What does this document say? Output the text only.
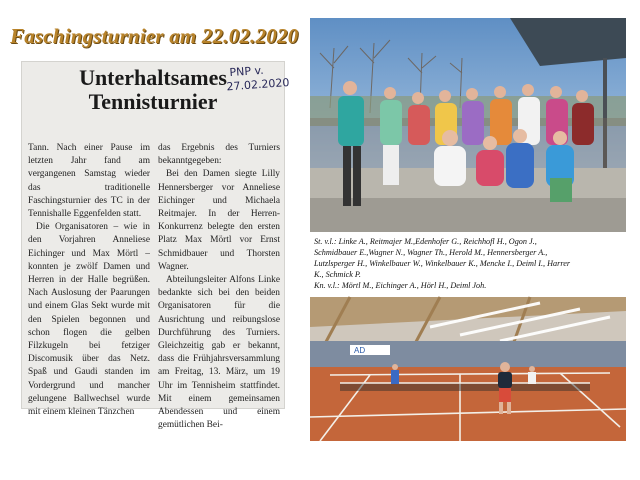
Faschingsturnier am 22.02.2020
PNP v.
27.02.2020
Unterhaltsames
Tennisturnier

Tann. Nach einer Pause im letzten Jahr fand am vergangenen Samstag wieder das traditionelle Faschingsturnier des TC in der Tennishalle Eggenfelden statt.

Die Organisatoren – wie in den Vorjahren Anneliese Eichinger und Max Mörtl – konnten je zwölf Damen und Herren in der Halle begrüßen. Nach Auslosung der Paarungen und einem Glas Sekt wurde mit den Spielen begonnen und schon flogen die gelben Filzkugeln bei fetziger Discomusik über das Netz. Spaß und Gaudi standen im Vordergrund und mancher gelungene Ballwechsel wurde mit einem kleinen Tänzchen

das Ergebnis des Turniers bekanntgegeben:

Bei den Damen siegte Lilly Hennersberger vor Anneliese Eichinger und Michaela Reitmajer. In der Herren-Konkurrenz belegte den ersten Platz Max Mörtl vor Ernst Schmidbauer und Thorsten Wagner.

Abteilungsleiter Alfons Linke bedankte sich bei den beiden Organisatoren für die Ausrichtung und reibungslose Durchführung des Turniers. Gleichzeitig gab er bekannt, dass die Frühjahrsversammlung am Freitag, 13. März, um 19 Uhr im Tennisheim stattfindet. Mit einem gemeinsamen Abendessen und einem gemütlichen Bei-

St. v.l.: Linke A., Reitmajer M.,Edenhofer G., Reichhofl H., Ogon J.,
Schmidbauer E.,Wagner N., Wagner Th., Herold M., Hennersberger A.,
Lutzlsperger H., Winkelbauer W., Winkelbauer K., Mencke I., Deiml I., Harrer
K., Schmick P.
Kn. v.l.: Mörtl M., Eichinger A., Hörl H., Deiml Joh.
AD
